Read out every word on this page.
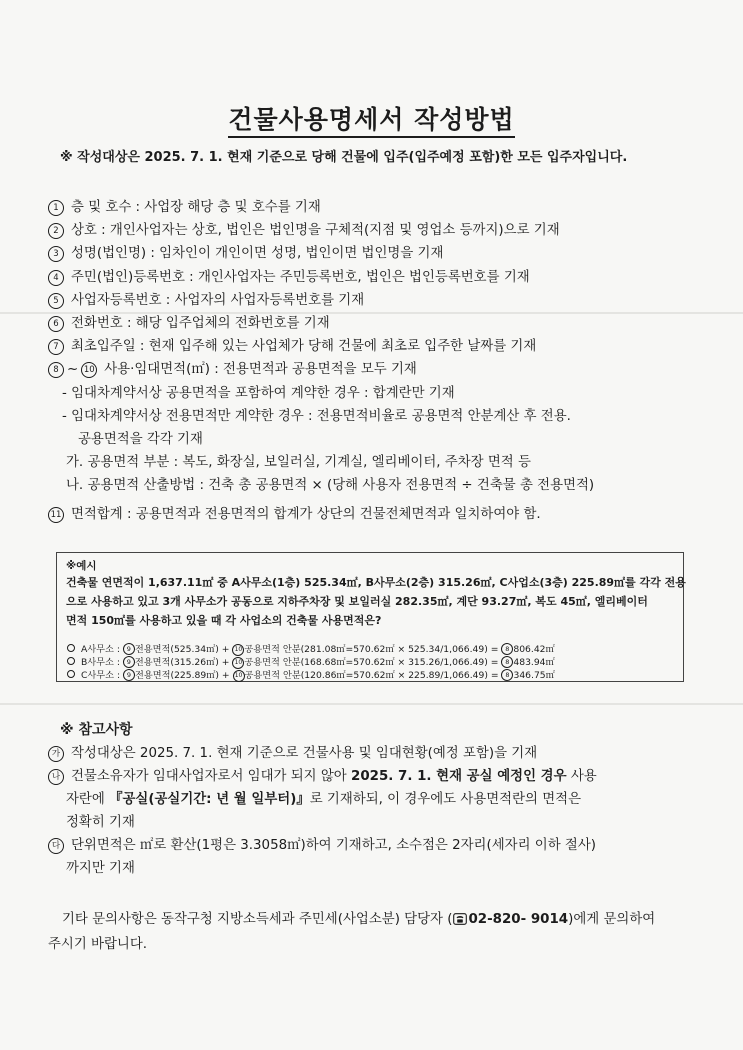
건물사용명세서 작성방법
※ 작성대상은 2025. 7. 1. 현재 기준으로 당해 건물에 입주(입주예정 포함)한 모든 입주자입니다.
1 층 및 호수 : 사업장 해당 층 및 호수를 기재
2 상호 : 개인사업자는 상호, 법인은 법인명을 구체적(지점 및 영업소 등까지)으로 기재
3 성명(법인명) : 임차인이 개인이면 성명, 법인이면 법인명을 기재
4 주민(법인)등록번호 : 개인사업자는 주민등록번호, 법인은 법인등록번호를 기재
5 사업자등록번호 : 사업자의 사업자등록번호를 기재
6 전화번호 : 해당 입주업체의 전화번호를 기재
7 최초입주일 : 현재 입주해 있는 사업체가 당해 건물에 최초로 입주한 날짜를 기재
8 ~ 10 사용·임대면적(㎡) : 전용면적과 공용면적을 모두 기재
- 임대차계약서상 공용면적을 포함하여 계약한 경우 : 합계란만 기재
- 임대차계약서상 전용면적만 계약한 경우 : 전용면적비율로 공용면적 안분계산 후 전용.
공용면적을 각각 기재
가. 공용면적 부분 : 복도, 화장실, 보일러실, 기계실, 엘리베이터, 주차장 면적 등
나. 공용면적 산출방법 : 건축 총 공용면적 × (당해 사용자 전용면적 ÷ 건축물 총 전용면적)
11 면적합계 : 공용면적과 전용면적의 합계가 상단의 건물전체면적과 일치하여야 함.
※예시
건축물 연면적이 1,637.11㎡ 중 A사무소(1층) 525.34㎡, B사무소(2층) 315.26㎡, C사업소(3층) 225.89㎡를 각각 전용
으로 사용하고 있고 3개 사무소가 공동으로 지하주차장 및 보일러실 282.35㎡, 계단 93.27㎡, 복도 45㎡, 엘리베이터
면적 150㎡를 사용하고 있을 때 각 사업소의 건축물 사용면적은?
A사무소 : 9 전용면적(525.34㎡) + 10 공용면적 안분(281.08㎡=570.62㎡ × 525.34/1,066.49) = 8 806.42㎡
B사무소 : 9 전용면적(315.26㎡) + 10 공용면적 안분(168.68㎡=570.62㎡ × 315.26/1,066.49) = 8 483.94㎡
C사무소 : 9 전용면적(225.89㎡) + 10 공용면적 안분(120.86㎡=570.62㎡ × 225.89/1,066.49) = 8 346.75㎡
※ 참고사항
가 작성대상은 2025. 7. 1. 현재 기준으로 건물사용 및 임대현황(예정 포함)을 기재
나 건물소유자가 임대사업자로서 임대가 되지 않아 2025. 7. 1. 현재 공실 예정인 경우 사용
자란에 『공실(공실기간: 년 월 일부터)』로 기재하되, 이 경우에도 사용면적란의 면적은
정확히 기재
다 단위면적은 ㎡로 환산(1평은 3.3058㎡)하여 기재하고, 소수점은 2자리(세자리 이하 절사)
까지만 기재
기타 문의사항은 동작구청 지방소득세과 주민세(사업소분) 담당자 ( 02-820- 9014)에게 문의하여
주시기 바랍니다.
